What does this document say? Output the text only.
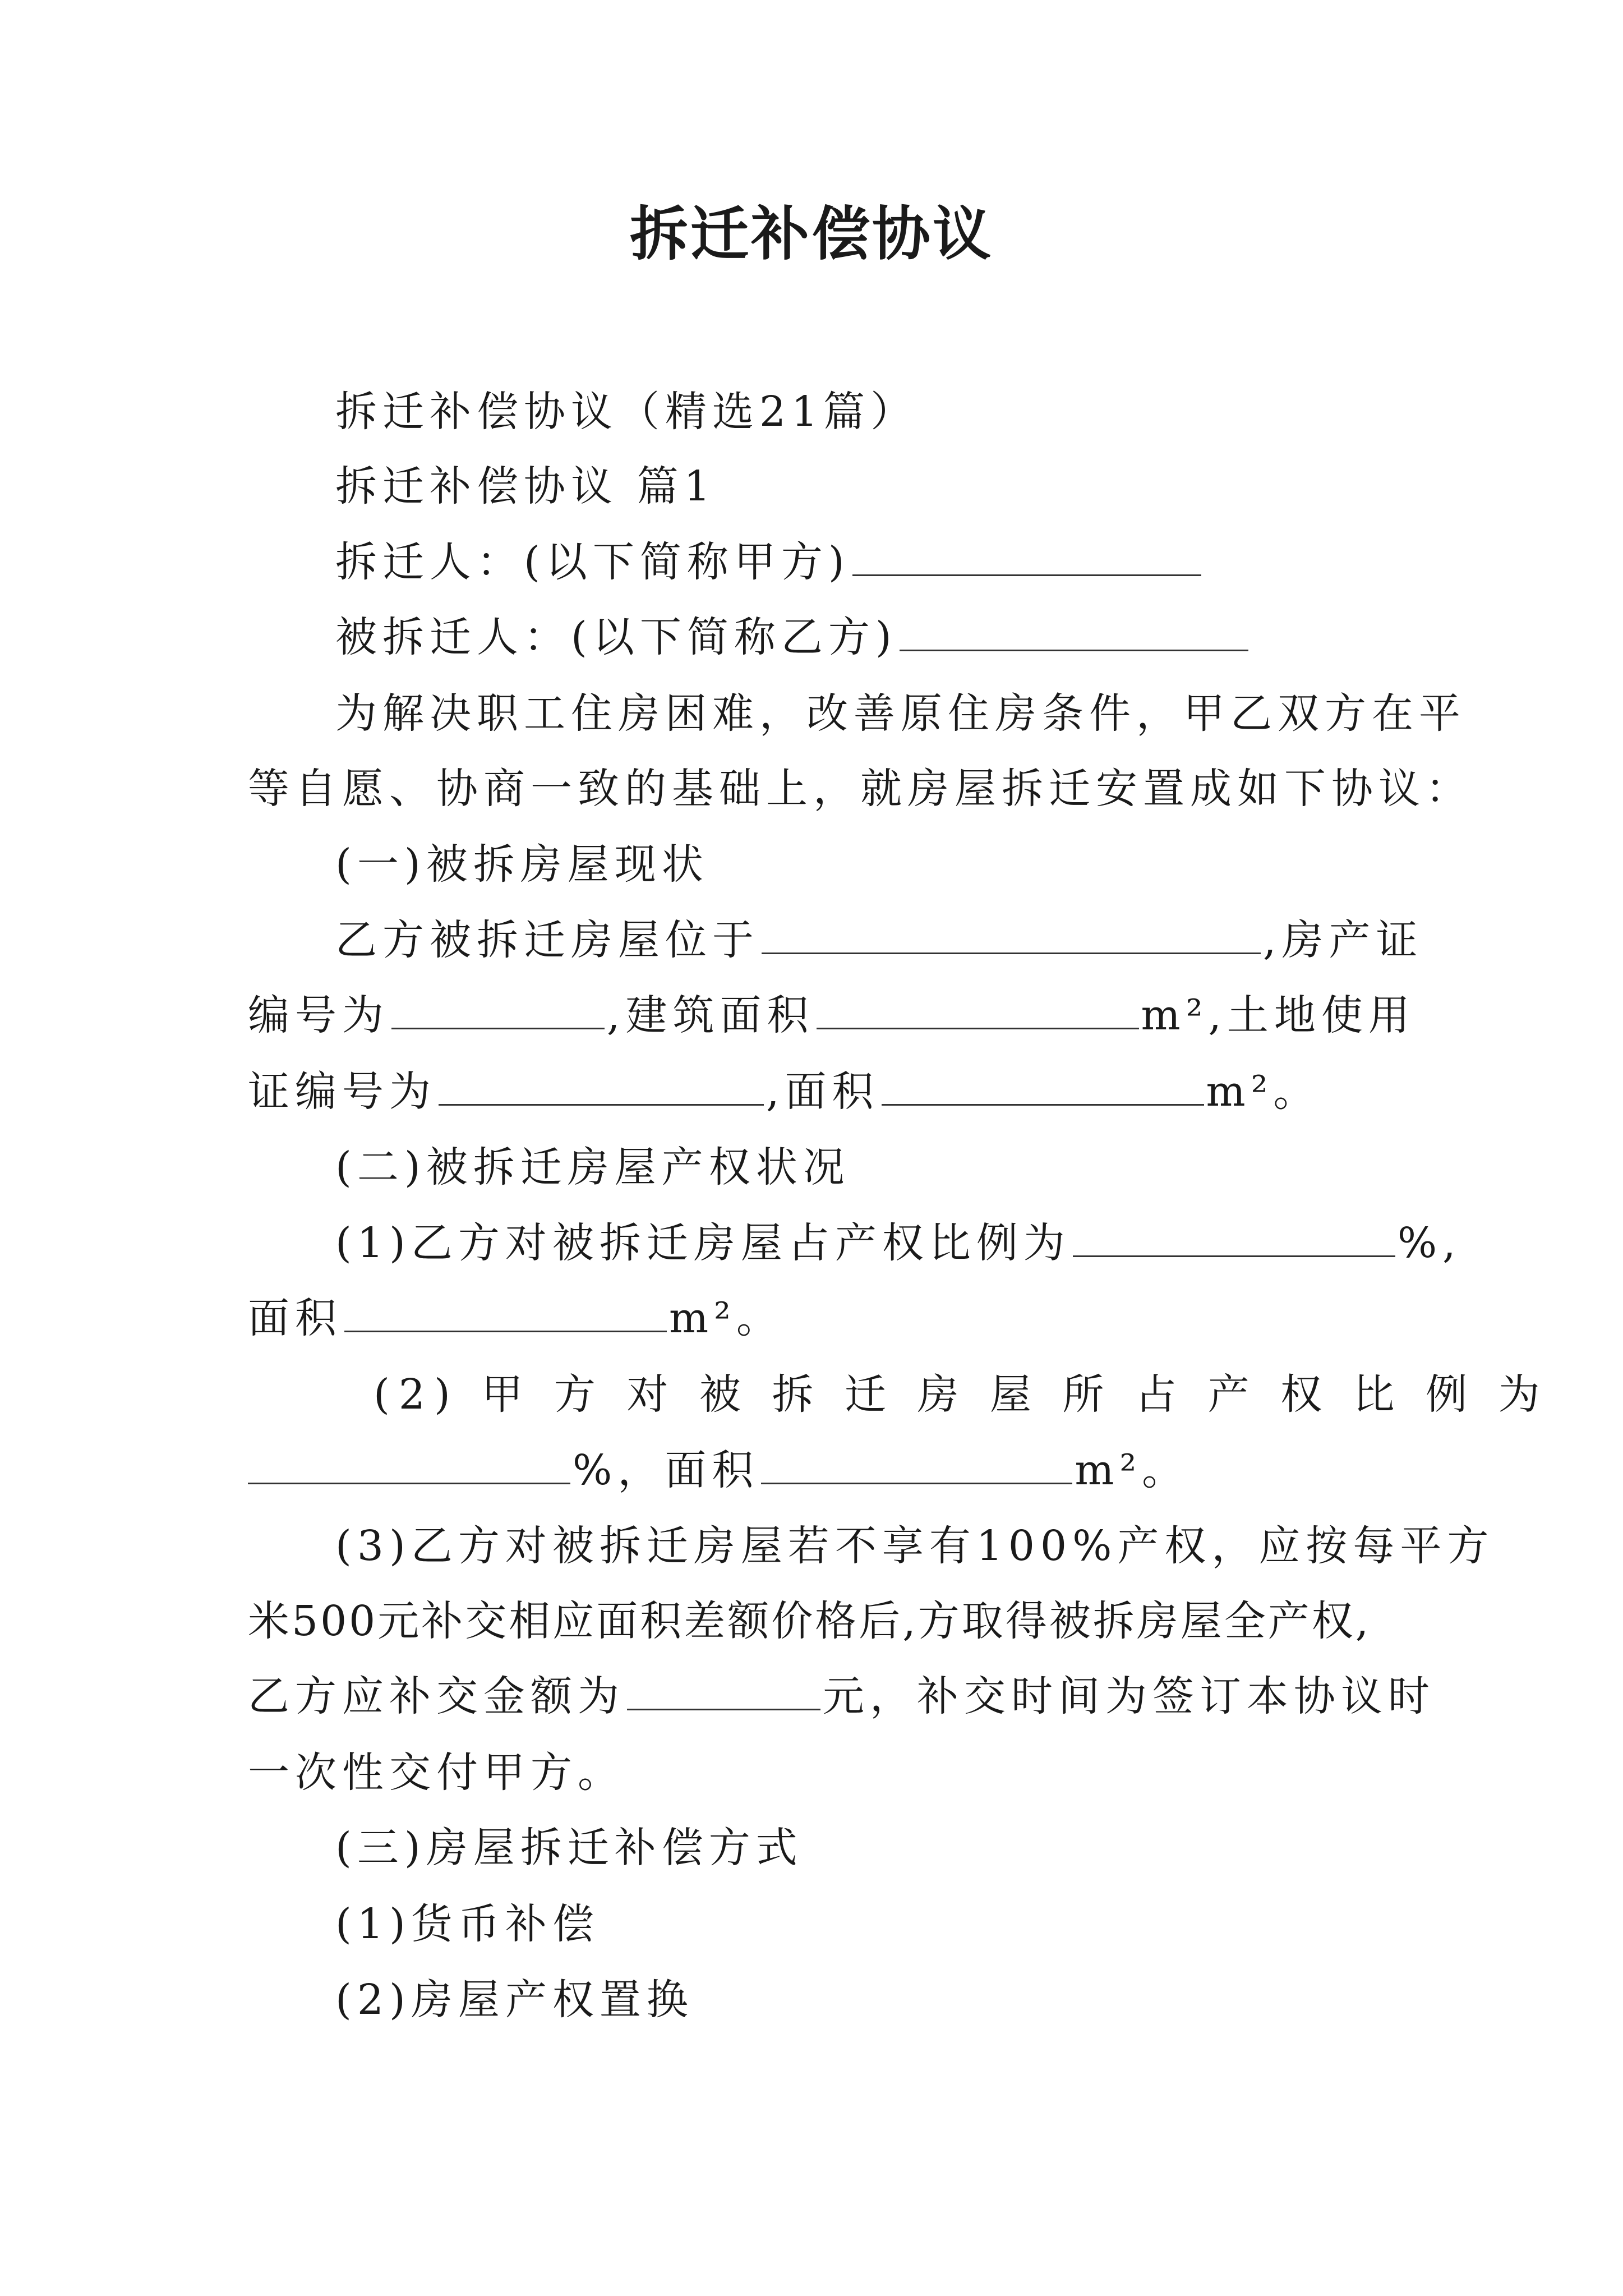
拆迁补偿协议
拆迁补偿协议（精选21篇）
拆迁补偿协议 篇1
拆迁人：(以下简称甲方)
被拆迁人：(以下简称乙方)
为解决职工住房困难，改善原住房条件，甲乙双方在平
等自愿、协商一致的基础上，就房屋拆迁安置成如下协议：
(一)被拆房屋现状
乙方被拆迁房屋位于	,房产证
编号为	,建筑面积	m²,土地使用
证编号为	,面积	m²。
(二)被拆迁房屋产权状况
(1)乙方对被拆迁房屋占产权比例为	%,
面积	m²。
(2) 甲 方 对 被 拆 迁 房 屋 所 占 产 权 比 例 为
%，面积	m²。
(3)乙方对被拆迁房屋若不享有100%产权，应按每平方
米500元补交相应面积差额价格后,方取得被拆房屋全产权,
乙方应补交金额为	元，补交时间为签订本协议时
一次性交付甲方。
(三)房屋拆迁补偿方式
(1)货币补偿
(2)房屋产权置换
